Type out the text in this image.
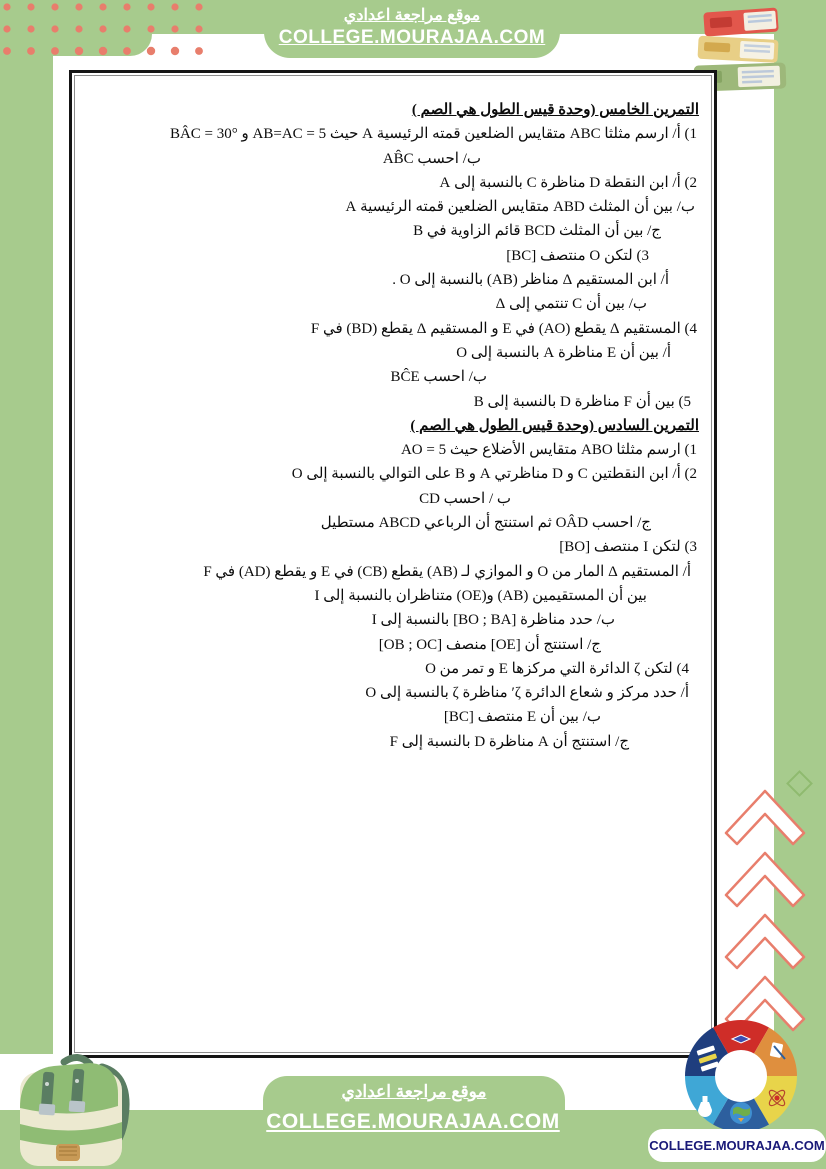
موقع مراجعة اعدادي
COLLEGE.MOURAJAA.COM
التمرين الخامس (وحدة قيس الطول هي الصم )
1) أ/ ارسم مثلثا ABC متقايس الضلعين قمته الرئيسية A حيث AB=AC = 5 و BÂC = 30°
ب/ احسب AB̂C
2) أ/ ابن النقطة D مناظرة C بالنسبة إلى A
ب/ بين أن المثلث ABD متقايس الضلعين قمته الرئيسية A
ج/ بين أن المثلث BCD قائم الزاوية في B
3) لتكن O منتصف [BC]
أ/ ابن المستقيم Δ مناظر (AB) بالنسبة إلى O .
ب/ بين أن C تنتمي إلى Δ
4) المستقيم Δ يقطع (AO) في E و المستقيم Δ يقطع (BD) في F
أ/ بين أن E مناظرة A بالنسبة إلى O
ب/ احسب BĈE
5) بين أن F مناظرة D بالنسبة إلى B
التمرين السادس (وحدة قيس الطول هي الصم )
1) ارسم مثلثا ABO متقايس الأضلاع حيث AO = 5
2) أ/ ابن النقطتين C و D مناظرتي A و B على التوالي بالنسبة إلى O
ب / احسب CD
ج/ احسب OÂD ثم استنتج أن الرباعي ABCD مستطيل
3) لتكن I منتصف [BO]
أ/ المستقيم Δ المار من O و الموازي لـ (AB) يقطع (CB) في E و يقطع (AD) في F
بين أن المستقيمين (AB) و(OE) متناظران بالنسبة إلى I
ب/ حدد مناظرة [BO ; BA] بالنسبة إلى I
ج/ استنتج أن [OE] منصف [OB ; OC]
4) لتكن ζ الدائرة التي مركزها E و تمر من O
أ/ حدد مركز و شعاع الدائرة ζ′ مناظرة ζ بالنسبة إلى O
ب/ بين أن E منتصف [BC]
ج/ استنتج أن A مناظرة D بالنسبة إلى F
COLLEGE.MOURAJAA.COM
موقع مراجعة اعدادي
COLLEGE.MOURAJAA.COM
